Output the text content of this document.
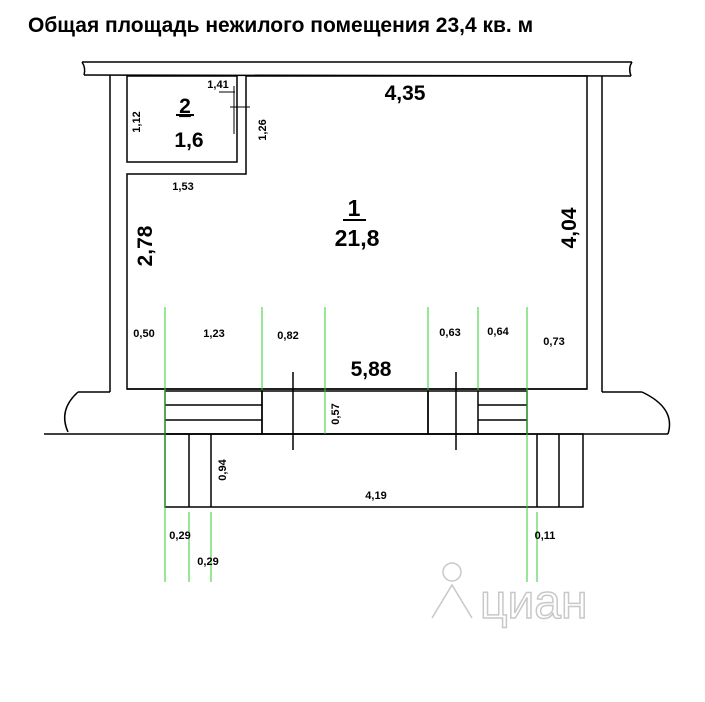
Общая площадь нежилого помещения 23,4 кв. м
2
1,6
1
21,8
4,35
5,88
4,04
2,78
1,12
1,41
1,26
1,53
0,50	1,23	0,82	0,63 0,64
0,73
0,57
0,94
4,19
0,29
0,29
0,11
циан
